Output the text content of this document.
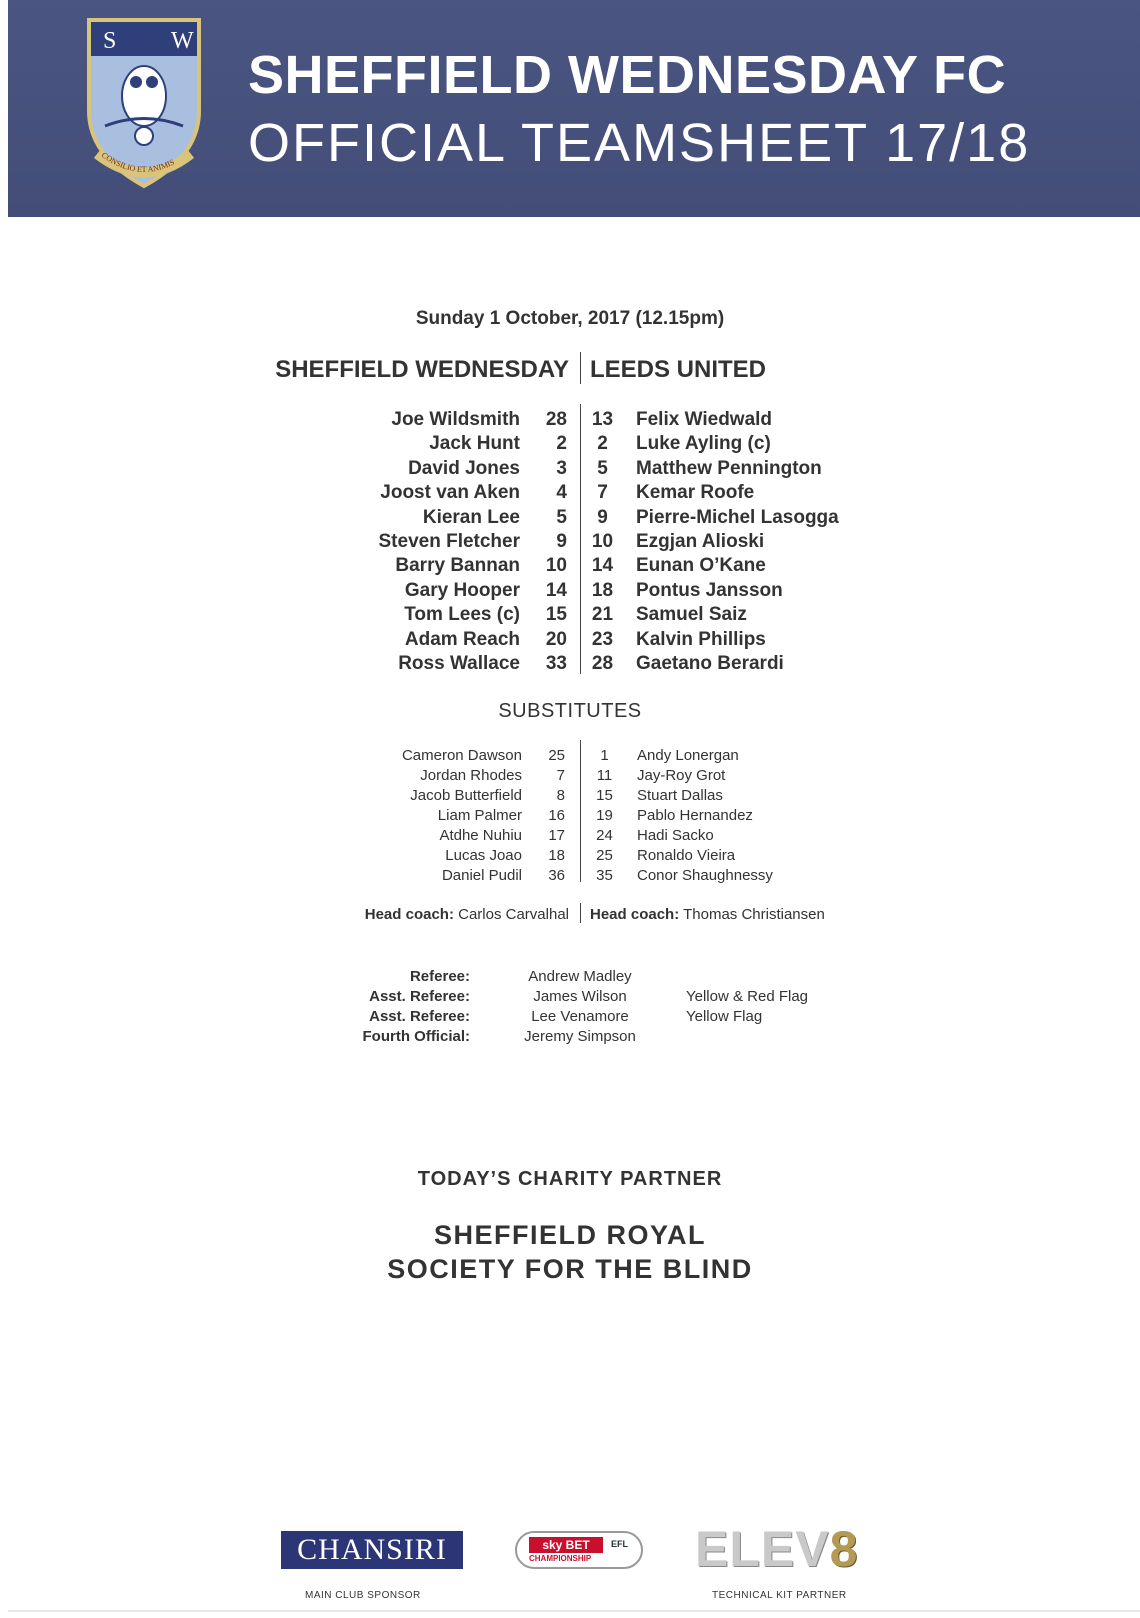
S W
CONSILIO ET ANIMIS
SHEFFIELD WEDNESDAY FC
OFFICIAL TEAMSHEET 17/18
Sunday 1 October, 2017 (12.15pm)
SHEFFIELD WEDNESDAY LEEDS UNITED
Joe Wildsmith 28 13 Felix Wiedwald
Jack Hunt 2	2	Luke Ayling (c)
David Jones 3	5	Matthew Pennington
Joost van Aken 4	7	Kemar Roofe
Kieran Lee 5	9	Pierre-Michel Lasogga
Steven Fletcher 9 10 Ezgjan Alioski
Barry Bannan 10 14 Eunan O’Kane
Gary Hooper 14 18 Pontus Jansson
Tom Lees (c) 15 21 Samuel Saiz
Adam Reach 20 23 Kalvin Phillips
Ross Wallace 33 28 Gaetano Berardi
SUBSTITUTES
Cameron Dawson 25	1	Andy Lonergan
Jordan Rhodes 7	11	Jay-Roy Grot
Jacob Butterfield 8 15 Stuart Dallas
Liam Palmer 16 19 Pablo Hernandez
Atdhe Nuhiu 17 24 Hadi Sacko
Lucas Joao 18 25 Ronaldo Vieira
Daniel Pudil 36 35 Conor Shaughnessy
Head coach: Carlos Carvalhal Head coach: Thomas Christiansen
Referee:	Andrew Madley
Asst. Referee:	James Wilson	Yellow & Red Flag
Asst. Referee:	Lee Venamore	Yellow Flag
Fourth Official:	Jeremy Simpson
TODAY’S CHARITY PARTNER
SHEFFIELD ROYAL
SOCIETY FOR THE BLIND
CHANSIRI
MAIN CLUB SPONSOR
sky BET
CHAMPIONSHIP
EFL ELEV8
TECHNICAL KIT PARTNER
